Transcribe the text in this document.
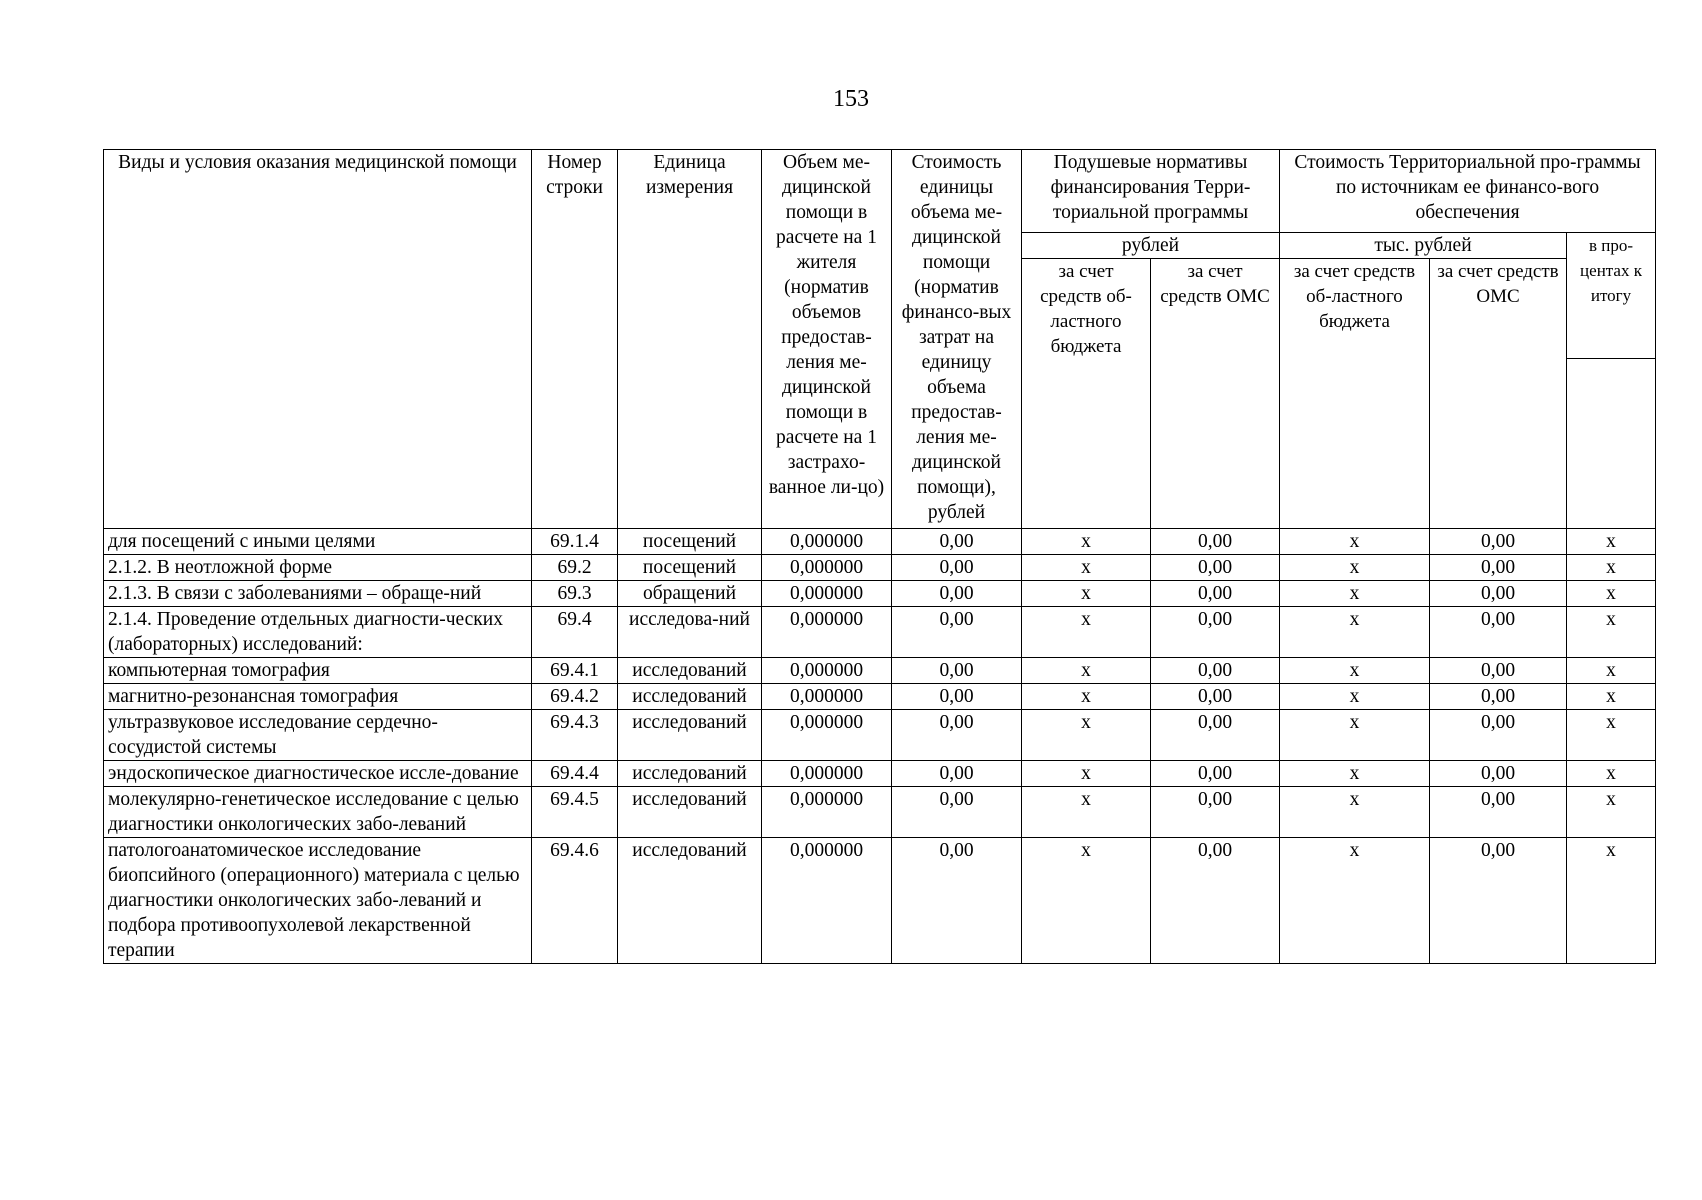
153
Виды и условия оказания медицинской помощи	Номер строки	Единица измерения	Объем ме-дицинской помощи в расчете на 1 жителя (норматив объемов предостав-ления ме-дицинской помощи в расчете на 1 застрахо-ванное ли-цо)	Стоимость единицы объема ме-дицинской помощи (норматив финансо-вых затрат на единицу объема предостав-ления ме-дицинской помощи), рублей	Подушевые нормативы финансирования Терри-ториальной программы		Стоимость Территориальной про-граммы по источникам ее финансо-вого обеспечения		
					рублей		тыс. рублей		в про-центах к итогу
					за счет средств об-ластного бюджета	за счет средств ОМС	за счет средств об-ластного бюджета	за счет средств ОМС	

для посещений с иными целями	69.1.4	посещений	0,000000	0,00	х	0,00	х	0,00	х
2.1.2. В неотложной форме	69.2	посещений	0,000000	0,00	х	0,00	х	0,00	х
2.1.3. В связи с заболеваниями – обраще-ний	69.3	обращений	0,000000	0,00	х	0,00	х	0,00	х
2.1.4. Проведение отдельных диагности-ческих (лабораторных) исследований:	69.4	исследова-ний	0,000000	0,00	х	0,00	х	0,00	х
компьютерная томография	69.4.1	исследований	0,000000	0,00	х	0,00	х	0,00	х
магнитно-резонансная томография	69.4.2	исследований	0,000000	0,00	х	0,00	х	0,00	х
ультразвуковое исследование сердечно-сосудистой системы	69.4.3	исследований	0,000000	0,00	х	0,00	х	0,00	х
эндоскопическое диагностическое иссле-дование	69.4.4	исследований	0,000000	0,00	х	0,00	х	0,00	х
молекулярно-генетическое исследование с целью диагностики онкологических забо-леваний	69.4.5	исследований	0,000000	0,00	х	0,00	х	0,00	х
патологоанатомическое исследование биопсийного (операционного) материала с целью диагностики онкологических забо-леваний и подбора противоопухолевой лекарственной терапии	69.4.6	исследований	0,000000	0,00	х	0,00	х	0,00	х
